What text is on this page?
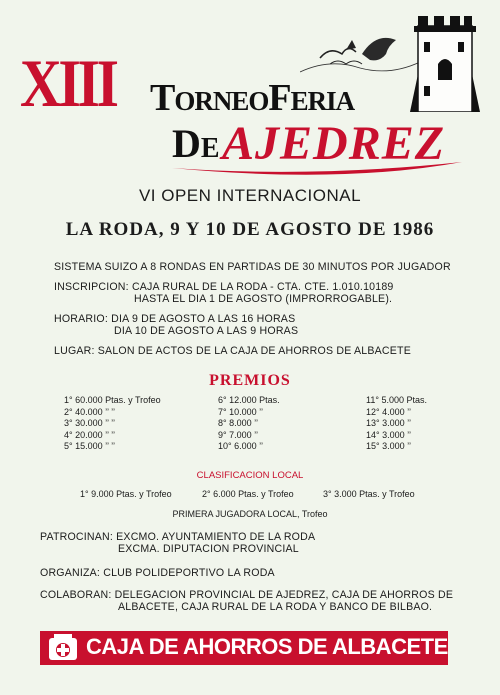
XIII TorneoFeria
De AJEDREZ
VI OPEN INTERNACIONAL
LA RODA, 9 Y 10 DE AGOSTO DE 1986
SISTEMA SUIZO A 8 RONDAS EN PARTIDAS DE 30 MINUTOS POR JUGADOR
INSCRIPCION: CAJA RURAL DE LA RODA - CTA. CTE. 1.010.10189
HASTA EL DIA 1 DE AGOSTO (IMPRORROGABLE).
HORARIO: DIA 9 DE AGOSTO A LAS 16 HORAS
DIA 10 DE AGOSTO A LAS 9 HORAS
LUGAR: SALON DE ACTOS DE LA CAJA DE AHORROS DE ALBACETE
PREMIOS
1° 60.000 Ptas. y Trofeo
2° 40.000 ’’ ’’
3° 30.000 ’’ ’’
4° 20.000 ’’ ’’
5° 15.000 ’’ ’’
6° 12.000 Ptas.
7° 10.000 ’’
8° 8.000 ’’
9° 7.000 ’’
10° 6.000 ’’
11° 5.000 Ptas.
12° 4.000 ’’
13° 3.000 ’’
14° 3.000 ’’
15° 3.000 ’’
CLASIFICACION LOCAL
1° 9.000 Ptas. y Trofeo	2° 6.000 Ptas. y Trofeo	3° 3.000 Ptas. y Trofeo
PRIMERA JUGADORA LOCAL, Trofeo
PATROCINAN: EXCMO. AYUNTAMIENTO DE LA RODA
EXCMA. DIPUTACION PROVINCIAL
ORGANIZA: CLUB POLIDEPORTIVO LA RODA
COLABORAN: DELEGACION PROVINCIAL DE AJEDREZ, CAJA DE AHORROS DE
ALBACETE, CAJA RURAL DE LA RODA Y BANCO DE BILBAO.
CAJA DE AHORROS DE ALBACETE
